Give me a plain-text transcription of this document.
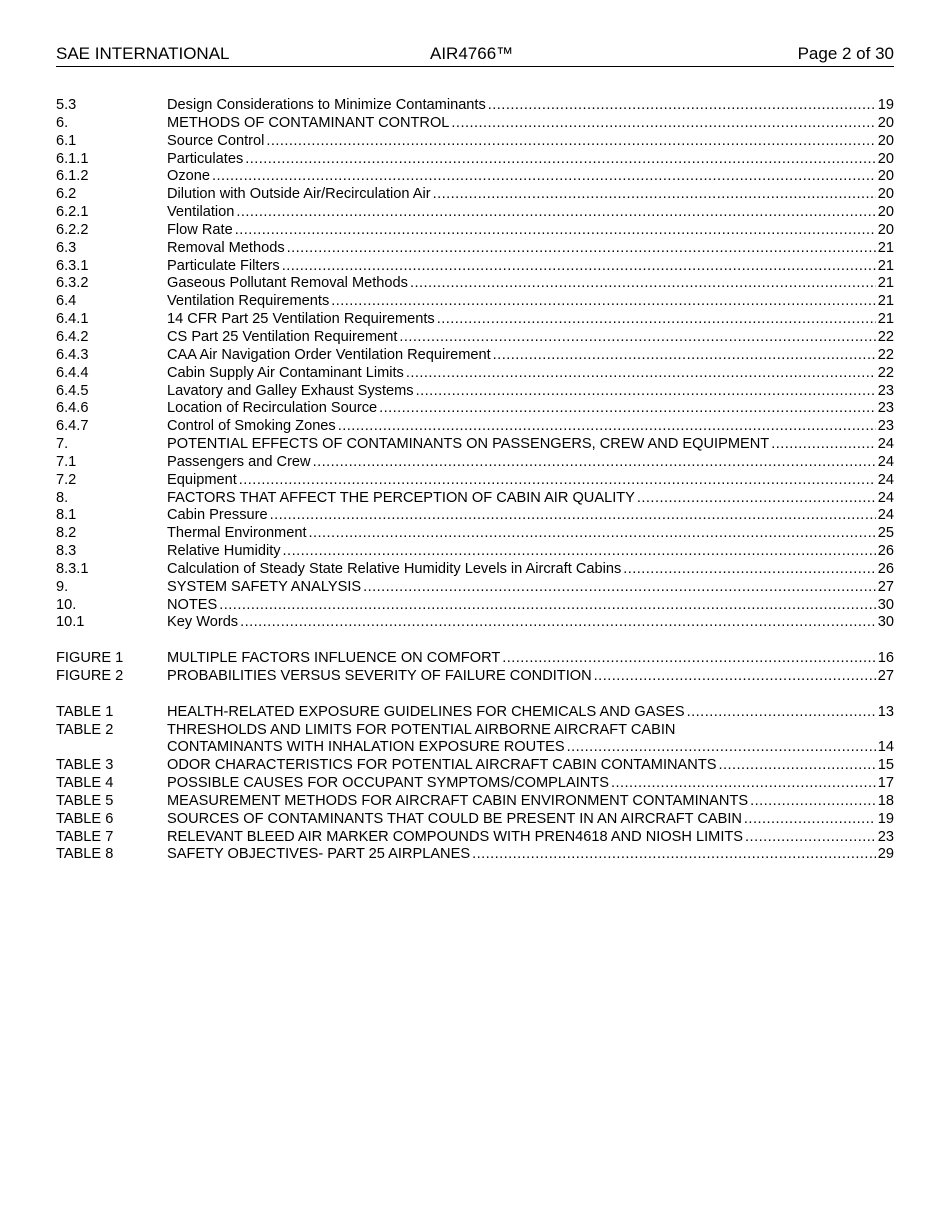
SAE INTERNATIONAL	AIR4766™	Page 2 of 30
5.3	Design Considerations to Minimize Contaminants . . .	19
6.	METHODS OF CONTAMINANT CONTROL . . .	20
6.1	Source Control . . .	20
6.1.1	Particulates . . .	20
6.1.2	Ozone . . .	20
6.2	Dilution with Outside Air/Recirculation Air . . .	20
6.2.1	Ventilation . . .	20
6.2.2	Flow Rate . . .	20
6.3	Removal Methods . . .	21
6.3.1	Particulate Filters . . .	21
6.3.2	Gaseous Pollutant Removal Methods . . .	21
6.4	Ventilation Requirements . . .	21
6.4.1	14 CFR Part 25 Ventilation Requirements . . .	21
6.4.2	CS Part 25 Ventilation Requirement . . .	22
6.4.3	CAA Air Navigation Order Ventilation Requirement . . .	22
6.4.4	Cabin Supply Air Contaminant Limits . . .	22
6.4.5	Lavatory and Galley Exhaust Systems . . .	23
6.4.6	Location of Recirculation Source . . .	23
6.4.7	Control of Smoking Zones . . .	23
7.	POTENTIAL EFFECTS OF CONTAMINANTS ON PASSENGERS, CREW AND EQUIPMENT . . .	24
7.1	Passengers and Crew . . .	24
7.2	Equipment . . .	24
8.	FACTORS THAT AFFECT THE PERCEPTION OF CABIN AIR QUALITY . . .	24
8.1	Cabin Pressure . . .	24
8.2	Thermal Environment . . .	25
8.3	Relative Humidity . . .	26
8.3.1	Calculation of Steady State Relative Humidity Levels in Aircraft Cabins . . .	26
9.	SYSTEM SAFETY ANALYSIS . . .	27
10.	NOTES . . .	30
10.1	Key Words . . .	30
FIGURE 1	MULTIPLE FACTORS INFLUENCE ON COMFORT . . .	16
FIGURE 2	PROBABILITIES VERSUS SEVERITY OF FAILURE CONDITION . . .	27
TABLE 1	HEALTH-RELATED EXPOSURE GUIDELINES FOR CHEMICALS AND GASES . . .	13
TABLE 2	THRESHOLDS AND LIMITS FOR POTENTIAL AIRBORNE AIRCRAFT CABIN
CONTAMINANTS WITH INHALATION EXPOSURE ROUTES . . .	14
TABLE 3	ODOR CHARACTERISTICS FOR POTENTIAL AIRCRAFT CABIN CONTAMINANTS . . .	15
TABLE 4	POSSIBLE CAUSES FOR OCCUPANT SYMPTOMS/COMPLAINTS . . .	17
TABLE 5	MEASUREMENT METHODS FOR AIRCRAFT CABIN ENVIRONMENT CONTAMINANTS . . .	18
TABLE 6	SOURCES OF CONTAMINANTS THAT COULD BE PRESENT IN AN AIRCRAFT CABIN . . .	19
TABLE 7	RELEVANT BLEED AIR MARKER COMPOUNDS WITH PREN4618 AND NIOSH LIMITS . . .	23
TABLE 8	SAFETY OBJECTIVES- PART 25 AIRPLANES . . .	29
